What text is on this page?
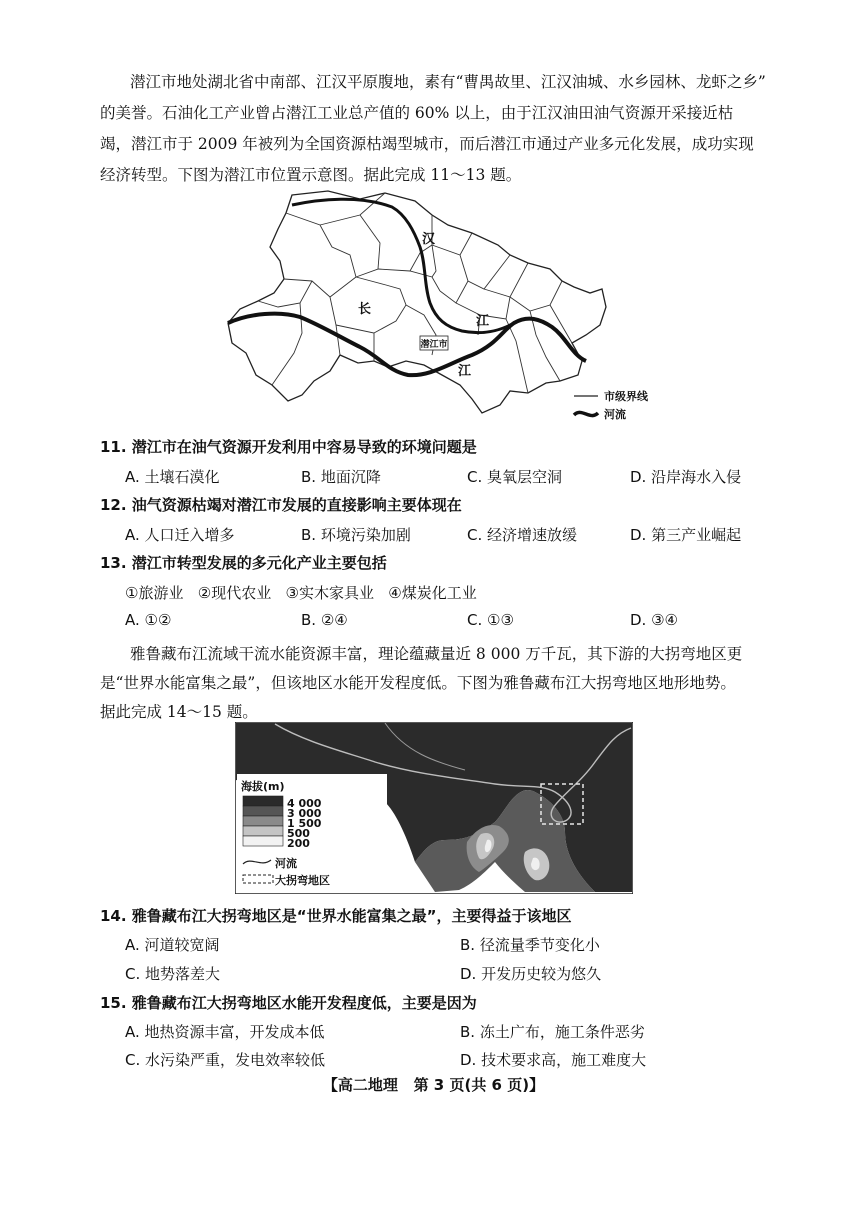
潜江市地处湖北省中南部、江汉平原腹地，素有“曹禺故里、江汉油城、水乡园林、龙虾之乡”
的美誉。石油化工产业曾占潜江工业总产值的 60% 以上，由于江汉油田油气资源开采接近枯
竭，潜江市于 2009 年被列为全国资源枯竭型城市，而后潜江市通过产业多元化发展，成功实现
经济转型。下图为潜江市位置示意图。据此完成 11～13 题。
潜江市
汉
长
江
江
市级界线
河流
11. 潜江市在油气资源开发利用中容易导致的环境问题是
A. 土壤石漠化	B. 地面沉降	C. 臭氧层空洞	D. 沿岸海水入侵
12. 油气资源枯竭对潜江市发展的直接影响主要体现在
A. 人口迁入增多	B. 环境污染加剧	C. 经济增速放缓	D. 第三产业崛起
13. 潜江市转型发展的多元化产业主要包括
①旅游业   ②现代农业   ③实木家具业   ④煤炭化工业
A. ①②	B. ②④	C. ①③	D. ③④
雅鲁藏布江流域干流水能资源丰富，理论蕴藏量近 8 000 万千瓦，其下游的大拐弯地区更
是“世界水能富集之最”，但该地区水能开发程度低。下图为雅鲁藏布江大拐弯地区地形地势。
据此完成 14～15 题。
海拔(m)
4 000
3 000
1 500
500
200
河流
大拐弯地区
14. 雅鲁藏布江大拐弯地区是“世界水能富集之最”，主要得益于该地区
A. 河道较宽阔	B. 径流量季节变化小
C. 地势落差大	D. 开发历史较为悠久
15. 雅鲁藏布江大拐弯地区水能开发程度低，主要是因为
A. 地热资源丰富，开发成本低	B. 冻土广布，施工条件恶劣
C. 水污染严重，发电效率较低	D. 技术要求高，施工难度大
【高二地理   第 3 页(共 6 页)】
